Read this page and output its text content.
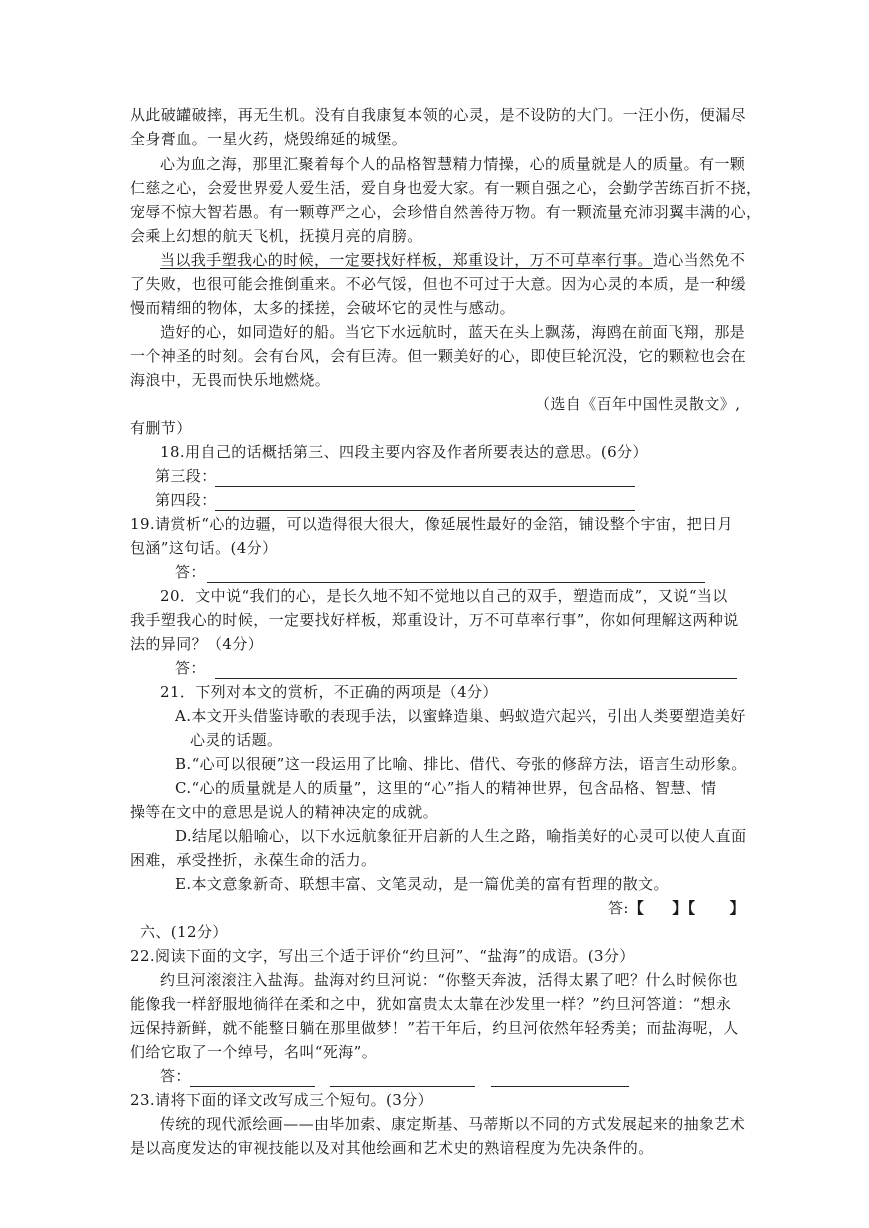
从此破罐破摔，再无生机。没有自我康复本领的心灵，是不设防的大门。一汪小伤，便漏尽
全身膏血。一星火药，烧毁绵延的城堡。
心为血之海，那里汇聚着每个人的品格智慧精力情操，心的质量就是人的质量。有一颗
仁慈之心，会爱世界爱人爱生活，爱自身也爱大家。有一颗自强之心，会勤学苦练百折不挠，
宠辱不惊大智若愚。有一颗尊严之心，会珍惜自然善待万物。有一颗流量充沛羽翼丰满的心，
会乘上幻想的航天飞机，抚摸月亮的肩膀。
当以我手塑我心的时候，一定要找好样板，郑重设计，万不可草率行事。造心当然免不
了失败，也很可能会推倒重来。不必气馁，但也不可过于大意。因为心灵的本质，是一种缓
慢而精细的物体，太多的揉搓，会破坏它的灵性与感动。
造好的心，如同造好的船。当它下水远航时，蓝天在头上飘荡，海鸥在前面飞翔，那是
一个神圣的时刻。会有台风，会有巨涛。但一颗美好的心，即使巨轮沉没，它的颗粒也会在
海浪中，无畏而快乐地燃烧。
（选自《百年中国性灵散文》,
有删节）
18.用自己的话概括第三、四段主要内容及作者所要表达的意思。(6分）
第三段：
第四段：
19.请赏析“心的边疆，可以造得很大很大，像延展性最好的金箔，铺设整个宇宙，把日月
包涵”这句话。(4分）
答：
20．文中说“我们的心，是长久地不知不觉地以自己的双手，塑造而成”，又说“当以
我手塑我心的时候，一定要找好样板，郑重设计，万不可草率行事”，你如何理解这两种说
法的异同？（4分）
答：
21．下列对本文的赏析，不正确的两项是（4分）
A.本文开头借鉴诗歌的表现手法，以蜜蜂造巢、蚂蚁造穴起兴，引出人类要塑造美好
心灵的话题。
B.“心可以很硬”这一段运用了比喻、排比、借代、夸张的修辞方法，语言生动形象。
C.“心的质量就是人的质量”，这里的“心”指人的精神世界，包含品格、智慧、情
操等在文中的意思是说人的精神决定的成就。
D.结尾以船喻心，以下水远航象征开启新的人生之路，喻指美好的心灵可以使人直面
困难，承受挫折，永葆生命的活力。
E.本文意象新奇、联想丰富、文笔灵动，是一篇优美的富有哲理的散文。
答:【 】【 】
六、(12分）
22.阅读下面的文字，写出三个适于评价“约旦河”、“盐海”的成语。(3分）
约旦河滚滚注入盐海。盐海对约旦河说：“你整天奔波，活得太累了吧？什么时候你也
能像我一样舒服地徜徉在柔和之中，犹如富贵太太靠在沙发里一样？”约旦河答道：“想永
远保持新鲜，就不能整日躺在那里做梦！”若干年后，约旦河依然年轻秀美；而盐海呢，人
们给它取了一个绰号，名叫“死海”。
答：
23.请将下面的译文改写成三个短句。(3分）
传统的现代派绘画——由毕加索、康定斯基、马蒂斯以不同的方式发展起来的抽象艺术
是以高度发达的审视技能以及对其他绘画和艺术史的熟谙程度为先决条件的。
